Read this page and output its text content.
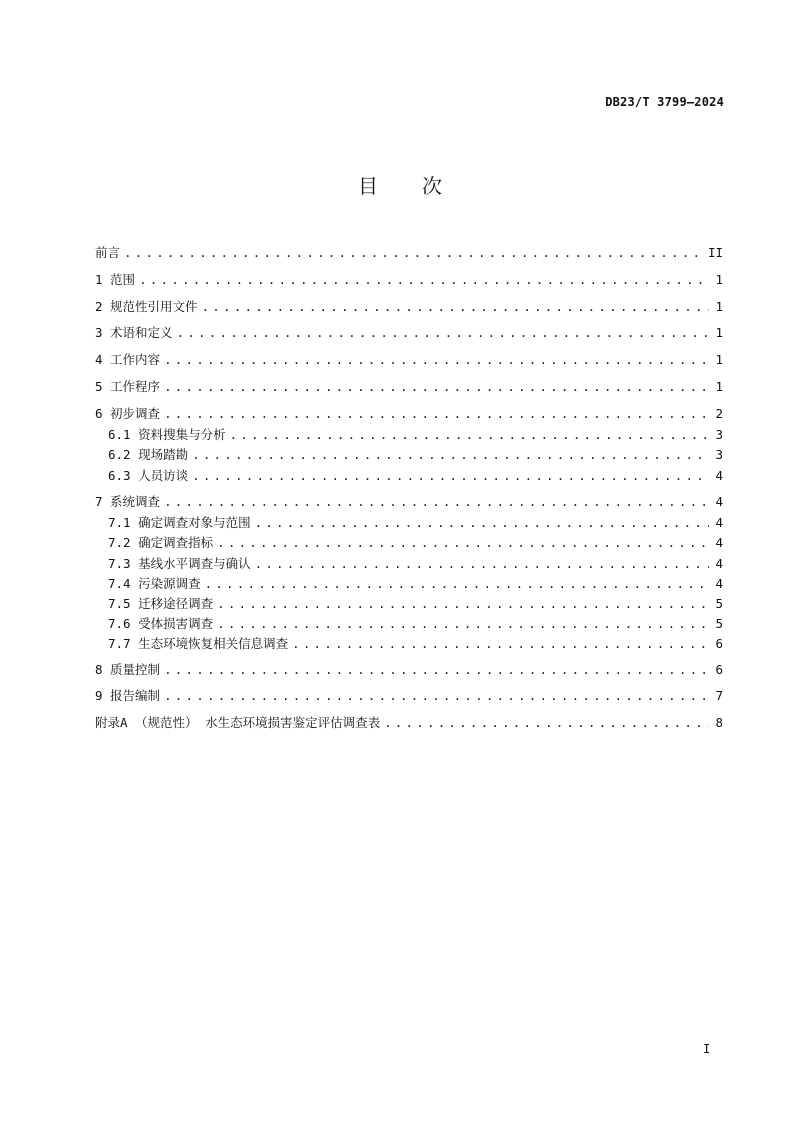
DB23/T 3799—2024
目次
前言 .....	II
1 范围 .....	1
2 规范性引用文件 .....	1
3 术语和定义 .....	1
4 工作内容 .....	1
5 工作程序 .....	1
6 初步调查 .....	2
6.1 资料搜集与分析 .....	3
6.2 现场踏勘 .....	3
6.3 人员访谈 .....	4
7 系统调查 .....	4
7.1 确定调查对象与范围 .....	4
7.2 确定调查指标 .....	4
7.3 基线水平调查与确认 .....	4
7.4 污染源调查 .....	4
7.5 迁移途径调查 .....	5
7.6 受体损害调查 .....	5
7.7 生态环境恢复相关信息调查 .....	6
8 质量控制 .....	6
9 报告编制 .....	7
附录A （规范性） 水生态环境损害鉴定评估调查表 .....	8
I
